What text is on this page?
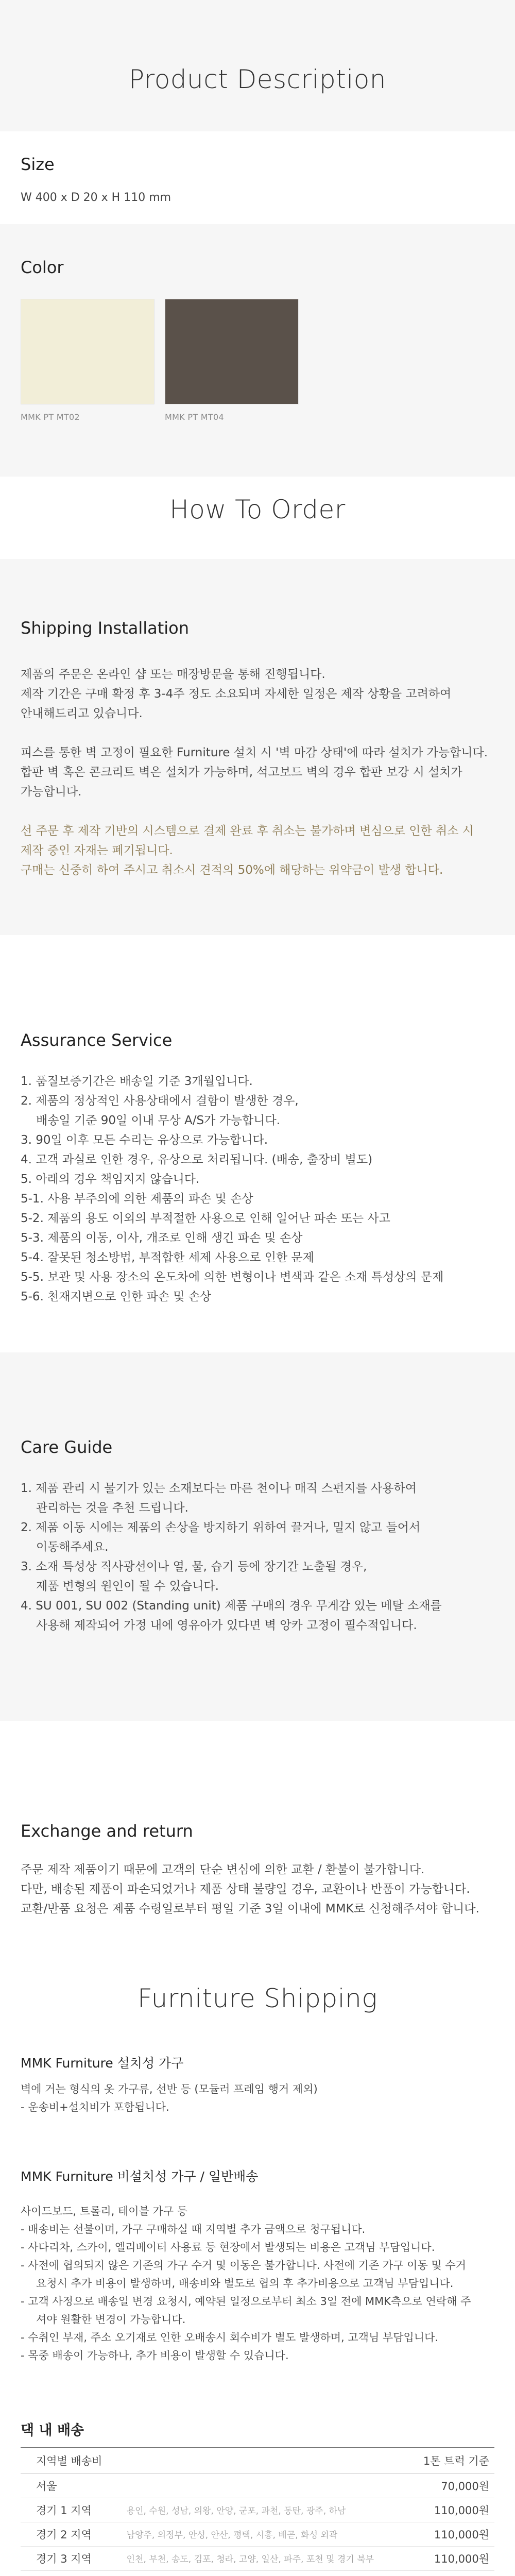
Product Description
Size
W 400 x D 20 x H 110 mm
Color
MMK PT MT02	MMK PT MT04
How To Order
Shipping Installation

제품의 주문은 온라인 샵 또는 매장방문을 통해 진행됩니다.

제작 기간은 구매 확정 후 3-4주 정도 소요되며 자세한 일정은 제작 상황을 고려하여

안내해드리고 있습니다.

피스를 통한 벽 고정이 필요한 Furniture 설치 시 '벽 마감 상태'에 따라 설치가 가능합니다.

합판 벽 혹은 콘크리트 벽은 설치가 가능하며, 석고보드 벽의 경우 합판 보강 시 설치가

가능합니다.

선 주문 후 제작 기반의 시스템으로 결제 완료 후 취소는 불가하며 변심으로 인한 취소 시

제작 중인 자재는 폐기됩니다.

구매는 신중히 하여 주시고 취소시 견적의 50%에 해당하는 위약금이 발생 합니다.

Assurance Service

1. 품질보증기간은 배송일 기준 3개월입니다.

2. 제품의 정상적인 사용상태에서 결함이 발생한 경우,

배송일 기준 90일 이내 무상 A/S가 가능합니다.

3. 90일 이후 모든 수리는 유상으로 가능합니다.

4. 고객 과실로 인한 경우, 유상으로 처리됩니다. (배송, 출장비 별도)

5. 아래의 경우 책임지지 않습니다.

5-1. 사용 부주의에 의한 제품의 파손 및 손상

5-2. 제품의 용도 이외의 부적절한 사용으로 인해 일어난 파손 또는 사고

5-3. 제품의 이동, 이사, 개조로 인해 생긴 파손 및 손상

5-4. 잘못된 청소방법, 부적합한 세제 사용으로 인한 문제

5-5. 보관 및 사용 장소의 온도차에 의한 변형이나 변색과 같은 소재 특성상의 문제

5-6. 천재지변으로 인한 파손 및 손상

Care Guide

1. 제품 관리 시 물기가 있는 소재보다는 마른 천이나 매직 스펀지를 사용하여

관리하는 것을 추천 드립니다.

2. 제품 이동 시에는 제품의 손상을 방지하기 위하여 끌거나, 밀지 않고 들어서

이동해주세요.

3. 소재 특성상 직사광선이나 열, 물, 습기 등에 장기간 노출될 경우,

제품 변형의 원인이 될 수 있습니다.

4. SU 001, SU 002 (Standing unit) 제품 구매의 경우 무게감 있는 메탈 소재를

사용해 제작되어 가정 내에 영유아가 있다면 벽 앙카 고정이 필수적입니다.

Exchange and return

주문 제작 제품이기 때문에 고객의 단순 변심에 의한 교환 / 환불이 불가합니다.

다만, 배송된 제품이 파손되었거나 제품 상태 불량일 경우, 교환이나 반품이 가능합니다.

교환/반품 요청은 제품 수령일로부터 평일 기준 3일 이내에 MMK로 신청해주셔야 합니다.

Furniture Shipping
MMK Furniture 설치성 가구

벽에 거는 형식의 옷 가구류, 선반 등 (모듈러 프레임 행거 제외)

- 운송비+설치비가 포함됩니다.

MMK Furniture 비설치성 가구 / 일반배송

사이드보드, 트롤리, 테이블 가구 등

- 배송비는 선불이며, 가구 구매하실 때 지역별 추가 금액으로 청구됩니다.

- 사다리차, 스카이, 엘리베이터 사용료 등 현장에서 발생되는 비용은 고객님 부담입니다.

- 사전에 협의되지 않은 기존의 가구 수거 및 이동은 불가합니다. 사전에 기존 가구 이동 및 수거

요청시 추가 비용이 발생하며, 배송비와 별도로 협의 후 추가비용으로 고객님 부담입니다.

- 고객 사정으로 배송일 변경 요청시, 예약된 일정으로부터 최소 3일 전에 MMK측으로 연락해 주

셔야 원활한 변경이 가능합니다.

- 수취인 부재, 주소 오기재로 인한 오배송시 회수비가 별도 발생하며, 고객님 부담입니다.

- 목중 배송이 가능하나, 추가 비용이 발생할 수 있습니다.

댁 내 배송
지역별 배송비		1톤 트럭 기준
서울		70,000원
경기 1 지역	용인, 수원, 성남, 의왕, 안양, 군포, 과천, 동탄, 광주, 하남	110,000원
경기 2 지역	남양주, 의정부, 안성, 안산, 평택, 시흥, 배곧, 화성 외곽	110,000원
경기 3 지역	인천, 부천, 송도, 김포, 청라, 고양, 일산, 파주, 포천 및 경기 북부	110,000원
